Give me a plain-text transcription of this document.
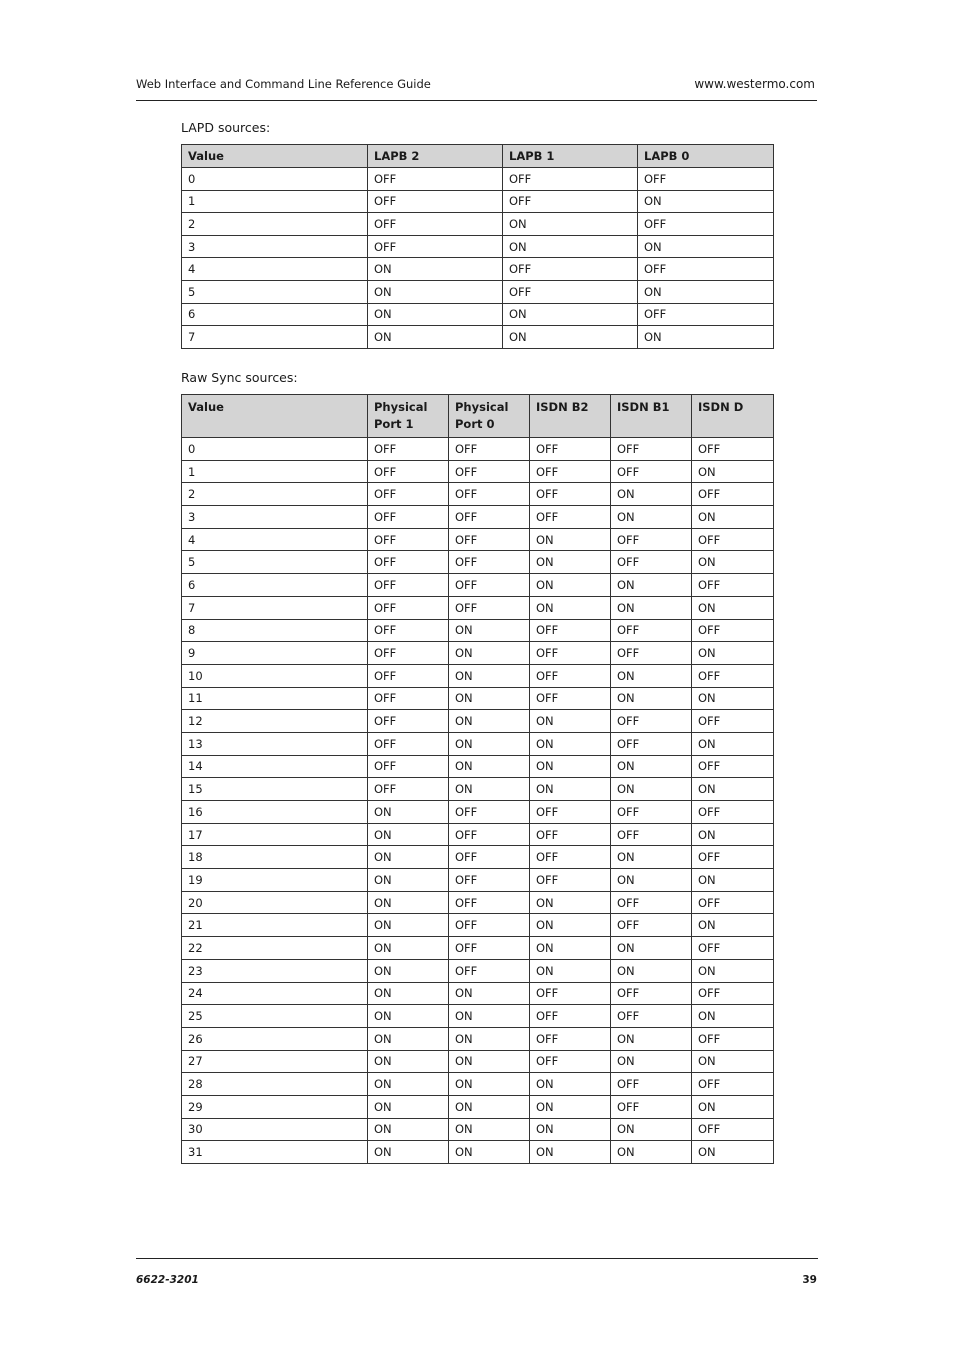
Web Interface and Command Line Reference Guide	www.westermo.com
LAPD sources:
Value	LAPB 2	LAPB 1	LAPB 0
0	OFF	OFF	OFF
1	OFF	OFF	ON
2	OFF	ON	OFF
3	OFF	ON	ON
4	ON	OFF	OFF
5	ON	OFF	ON
6	ON	ON	OFF
7	ON	ON	ON
Raw Sync sources:
Value	Physical Port 1	Physical Port 0	ISDN B2	ISDN B1	ISDN D
0	OFF	OFF	OFF	OFF	OFF
1	OFF	OFF	OFF	OFF	ON
2	OFF	OFF	OFF	ON	OFF
3	OFF	OFF	OFF	ON	ON
4	OFF	OFF	ON	OFF	OFF
5	OFF	OFF	ON	OFF	ON
6	OFF	OFF	ON	ON	OFF
7	OFF	OFF	ON	ON	ON
8	OFF	ON	OFF	OFF	OFF
9	OFF	ON	OFF	OFF	ON
10	OFF	ON	OFF	ON	OFF
11	OFF	ON	OFF	ON	ON
12	OFF	ON	ON	OFF	OFF
13	OFF	ON	ON	OFF	ON
14	OFF	ON	ON	ON	OFF
15	OFF	ON	ON	ON	ON
16	ON	OFF	OFF	OFF	OFF
17	ON	OFF	OFF	OFF	ON
18	ON	OFF	OFF	ON	OFF
19	ON	OFF	OFF	ON	ON
20	ON	OFF	ON	OFF	OFF
21	ON	OFF	ON	OFF	ON
22	ON	OFF	ON	ON	OFF
23	ON	OFF	ON	ON	ON
24	ON	ON	OFF	OFF	OFF
25	ON	ON	OFF	OFF	ON
26	ON	ON	OFF	ON	OFF
27	ON	ON	OFF	ON	ON
28	ON	ON	ON	OFF	OFF
29	ON	ON	ON	OFF	ON
30	ON	ON	ON	ON	OFF
31	ON	ON	ON	ON	ON
6622-3201	39
